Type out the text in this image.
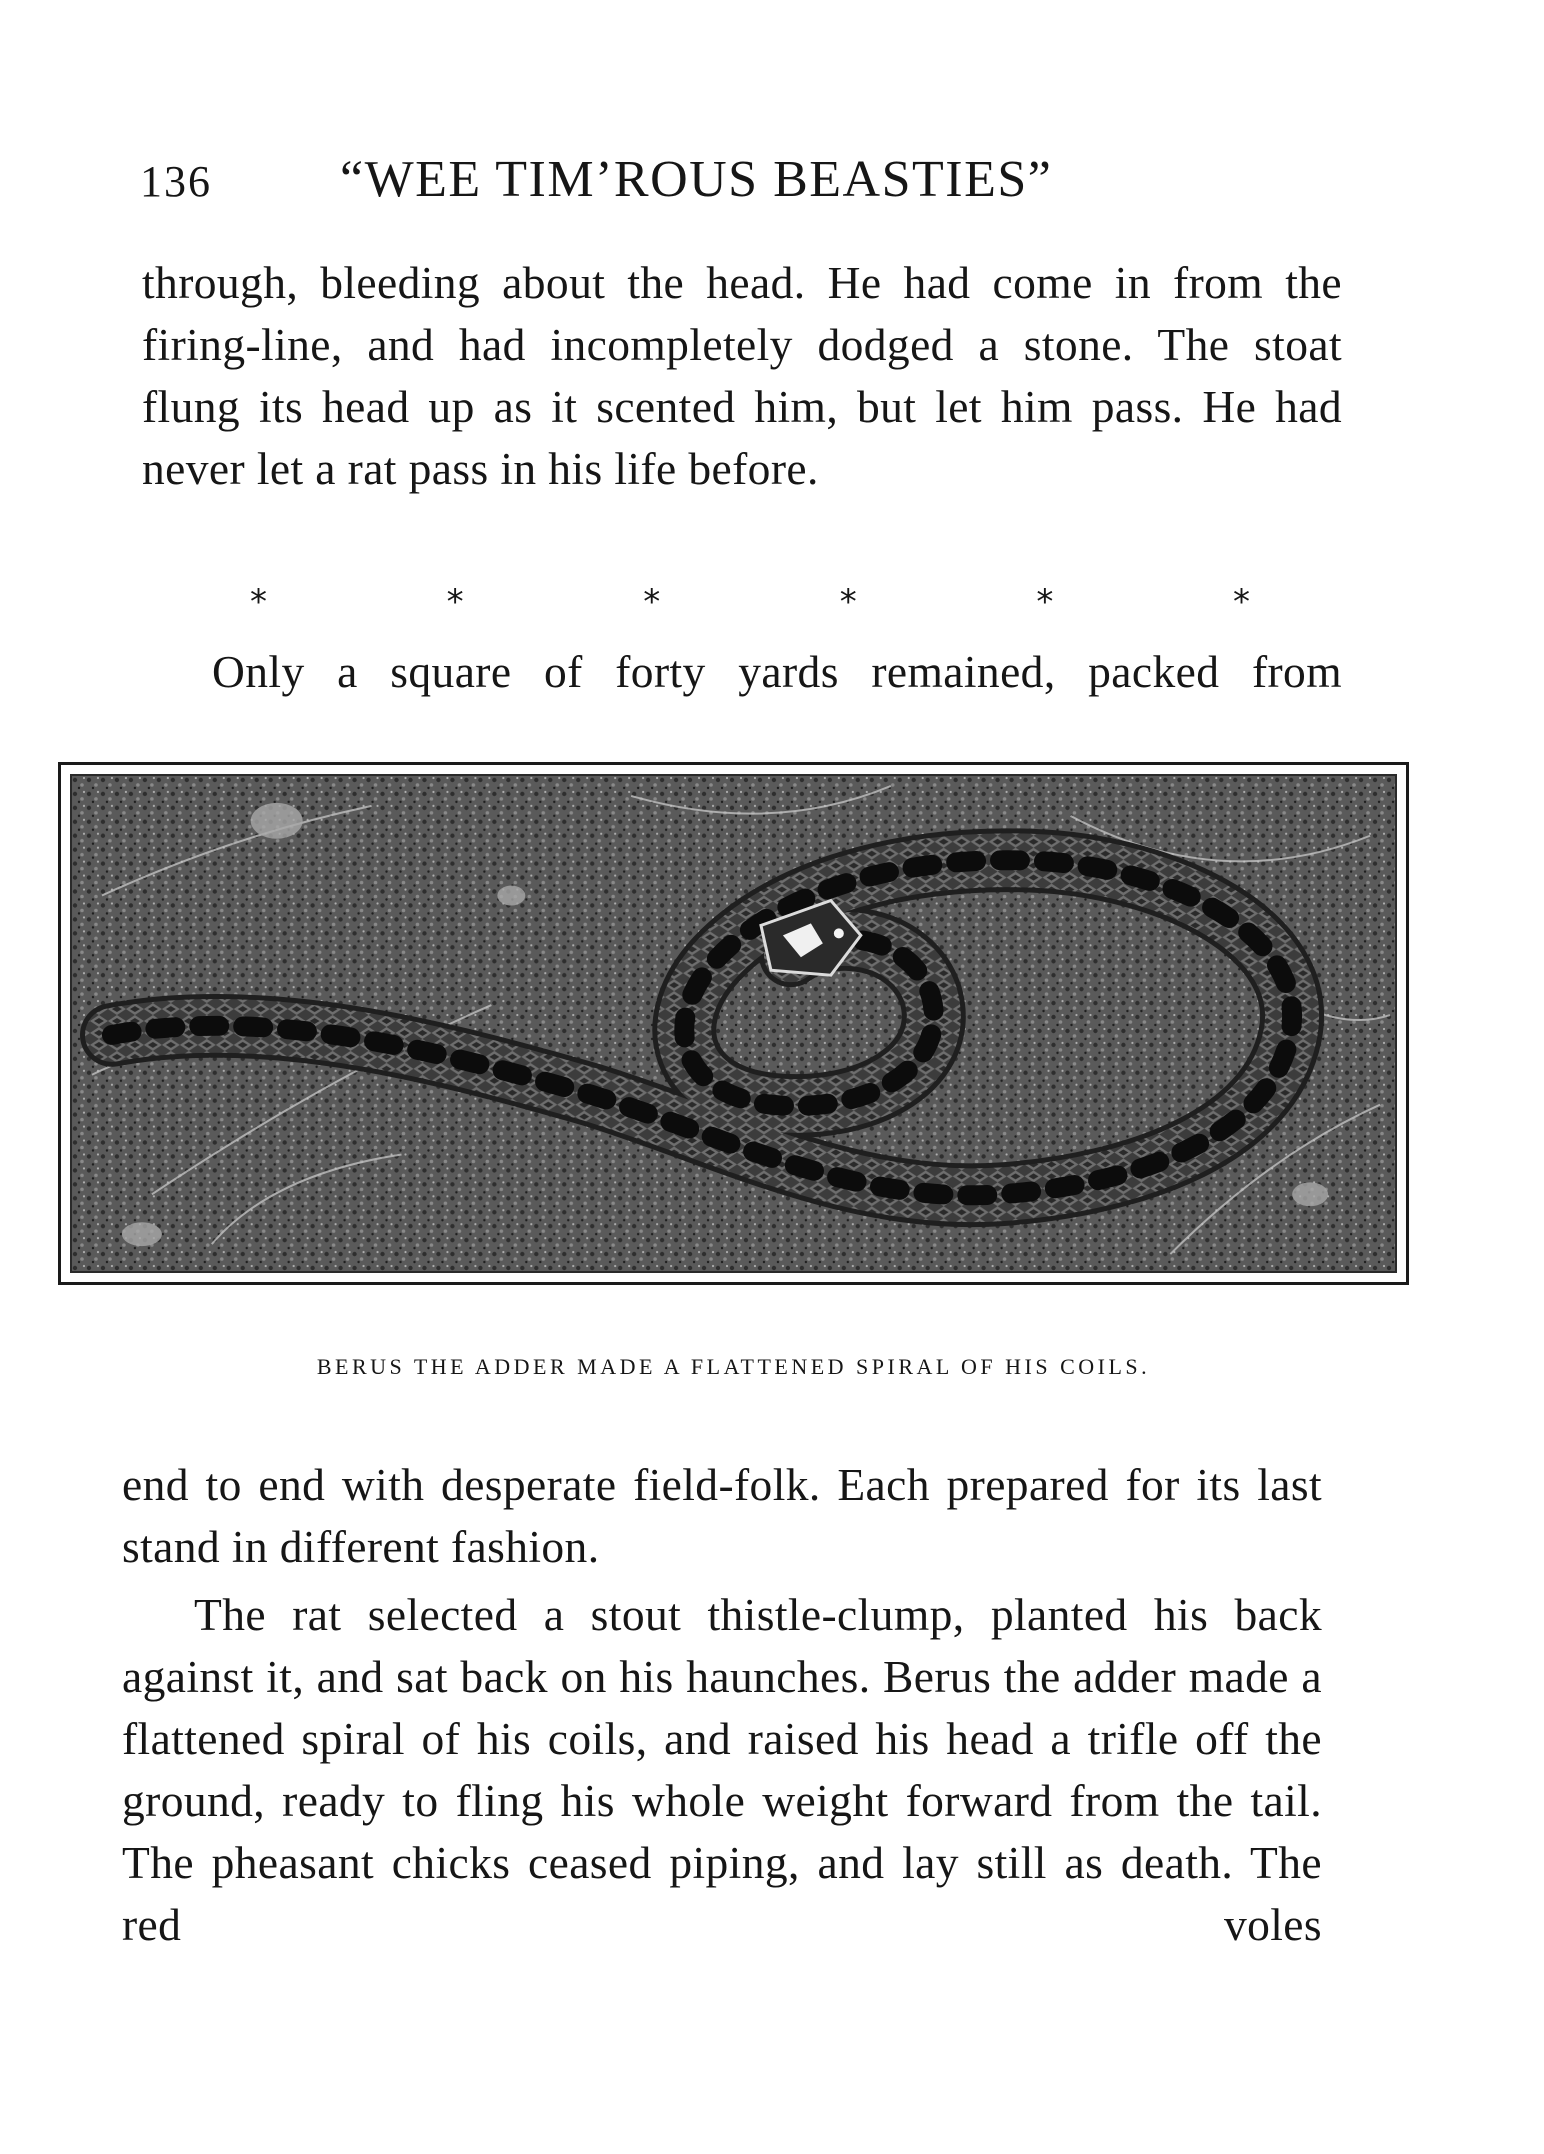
136 “WEE TIM’ROUS BEASTIES”

through, bleeding about the head. He had come in from the firing-line, and had incompletely dodged a stone. The stoat flung its head up as it scented him, but let him pass. He had never let a rat pass in his life before.

*	*	*	*	*	*

Only a square of forty yards remained, packed from

BERUS THE ADDER MADE A FLATTENED SPIRAL OF HIS COILS.

end to end with desperate field-folk. Each prepared for its last stand in different fashion.

The rat selected a stout thistle-clump, planted his back against it, and sat back on his haunches. Berus the adder made a flattened spiral of his coils, and raised his head a trifle off the ground, ready to fling his whole weight forward from the tail. The pheasant chicks ceased piping, and lay still as death. The red voles
